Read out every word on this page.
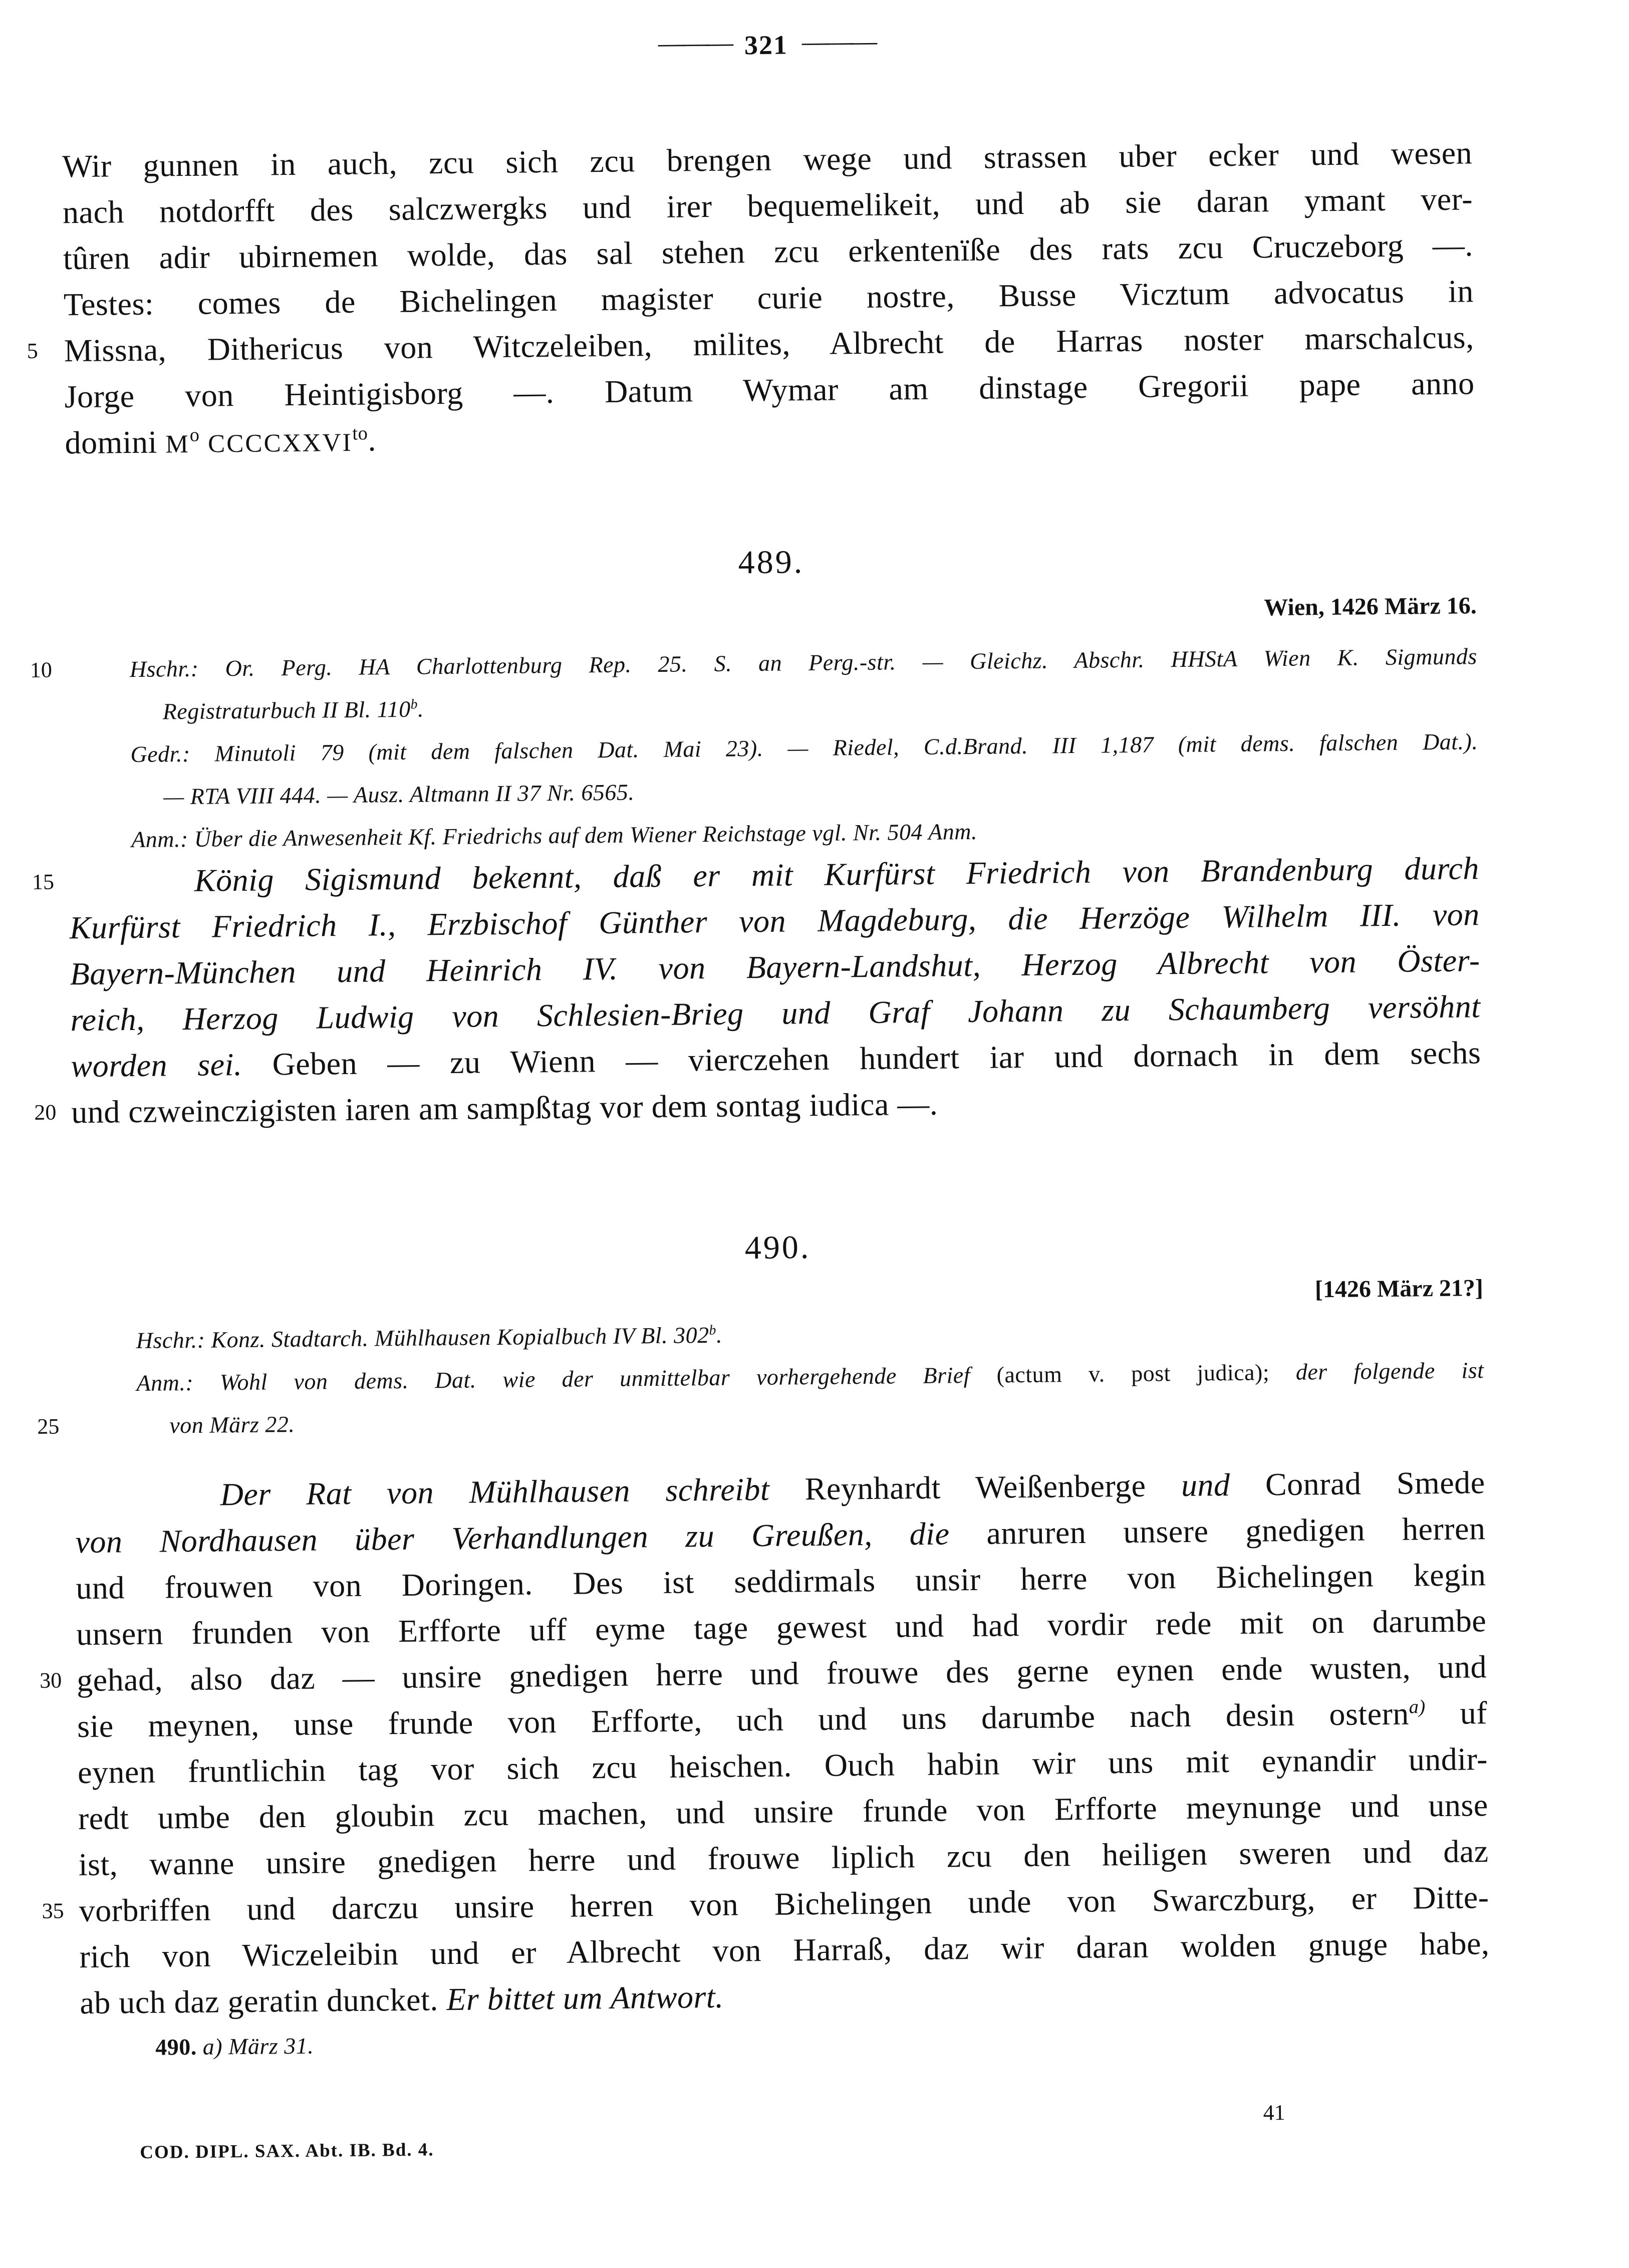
——— 321 ———
Wir gunnen in auch, zcu sich zcu brengen wege und strassen uber ecker und wesen
nach notdorfft des salczwergks und irer bequemelikeit, und ab sie daran ymant ver-
tûren adir ubirnemen wolde, das sal stehen zcu erkentenïße des rats zcu Cruczeborg —.
Testes: comes de Bichelingen magister curie nostre, Busse Vicztum advocatus in
5 Missna, Dithericus von Witczeleiben, milites, Albrecht de Harras noster marschalcus,
Jorge von Heintigisborg —. Datum Wymar am dinstage Gregorii pape anno
domini $M^o$ $CCCCXXVI^{to}$.
489.
Wien, 1426 März 16.
10	Hschr.: Or. Perg. HA Charlottenburg Rep. 25. S. an Perg.-str. — Gleichz. Abschr. HHStA Wien K. Sigmunds
Registraturbuch II Bl. 110$^b$.
Gedr.: Minutoli 79 (mit dem falschen Dat. Mai 23). — Riedel, C.d.Brand. III 1,187 (mit dems. falschen Dat.).
— RTA VIII 444. — Ausz. Altmann II 37 Nr. 6565.
Anm.: Über die Anwesenheit Kf. Friedrichs auf dem Wiener Reichstage vgl. Nr. 504 Anm.
15	König Sigismund bekennt, daß er mit Kurfürst Friedrich von Brandenburg durch
Kurfürst Friedrich I., Erzbischof Günther von Magdeburg, die Herzöge Wilhelm III. von
Bayern-München und Heinrich IV. von Bayern-Landshut, Herzog Albrecht von Öster-
reich, Herzog Ludwig von Schlesien-Brieg und Graf Johann zu Schaumberg versöhnt
worden sei. Geben — zu Wienn — vierczehen hundert iar und dornach in dem sechs
20 und czweinczigisten iaren am sampßtag vor dem sontag iudica —.
490.
[1426 März 21?]
Hschr.: Konz. Stadtarch. Mühlhausen Kopialbuch IV Bl. 302$^b$.
Anm.: Wohl von dems. Dat. wie der unmittelbar vorhergehende Brief (actum v. post judica); der folgende ist
25	von März 22.
Der Rat von Mühlhausen schreibt Reynhardt Weißenberge und Conrad Smede
von Nordhausen über Verhandlungen zu Greußen, die anruren unsere gnedigen herren
und frouwen von Doringen. Des ist seddirmals unsir herre von Bichelingen kegin
unsern frunden von Erfforte uff eyme tage gewest und had vordir rede mit on darumbe
30 gehad, also daz — unsire gnedigen herre und frouwe des gerne eynen ende wusten, und
sie meynen, unse frunde von Erfforte, uch und uns darumbe nach desin ostern$^{a)}$ uf
eynen fruntlichin tag vor sich zcu heischen. Ouch habin wir uns mit eynandir undir-
redt umbe den gloubin zcu machen, und unsire frunde von Erfforte meynunge und unse
ist, wanne unsire gnedigen herre und frouwe liplich zcu den heiligen sweren und daz
35 vorbriffen und darczu unsire herren von Bichelingen unde von Swarczburg, er Ditte-
rich von Wiczeleibin und er Albrecht von Harraß, daz wir daran wolden gnuge habe,
ab uch daz geratin duncket. Er bittet um Antwort.
490. a) März 31.
COD. DIPL. SAX. Abt. IB. Bd. 4.
41
